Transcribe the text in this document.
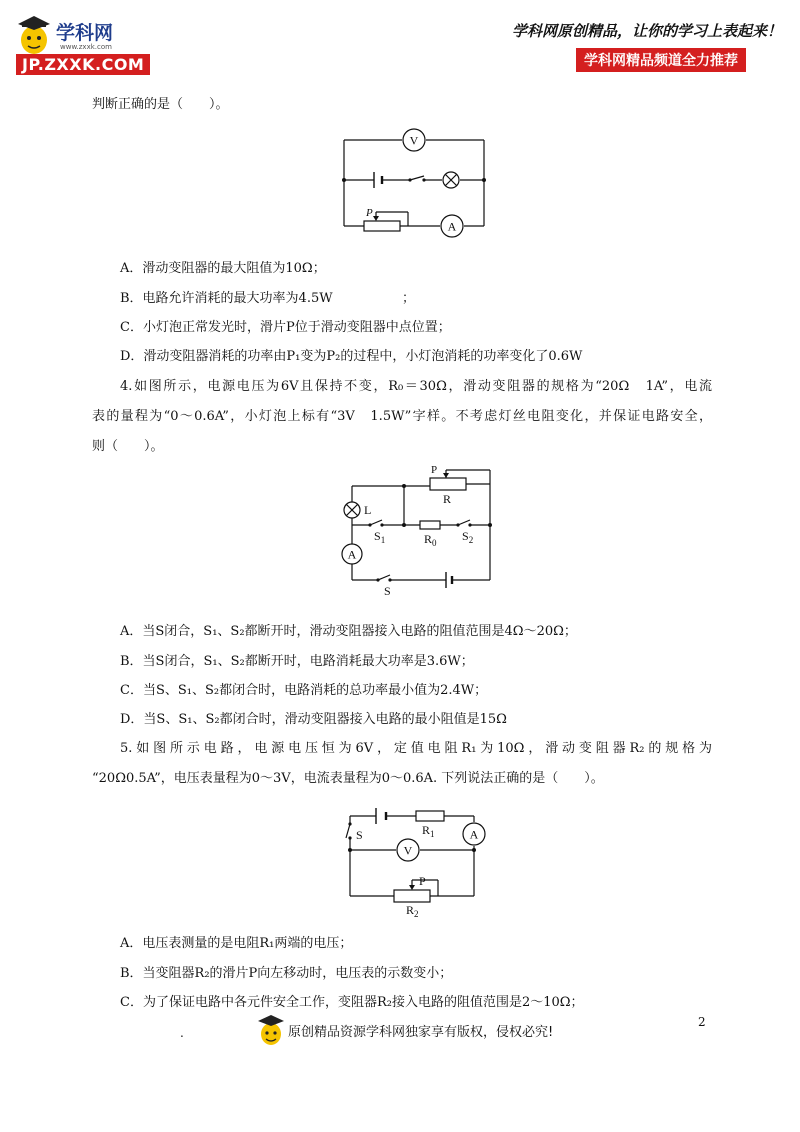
学科网
www.zxxk.com
JP.ZXXK.COM
学科网原创精品，让你的学习上表起来！
学科网精品频道全力推荐
判断正确的是（　　）。
V
A
P
A．滑动变阻器的最大阻值为10Ω；
B．电路允许消耗的最大功率为4.5W	；
C．小灯泡正常发光时，滑片P位于滑动变阻器中点位置；
D．滑动变阻器消耗的功率由P₁变为P₂的过程中，小灯泡消耗的功率变化了0.6W
4.如图所示，电源电压为6V且保持不变，R₀＝30Ω，滑动变阻器的规格为“20Ω　1A”，电流
表的量程为“0～0.6A”，小灯泡上标有“3V　1.5W”字样。不考虑灯丝电阻变化，并保证电路安全，
则（　　）。
P
R
L
A
$S_1$	$R_0$ $S_2$
S
A．当S闭合，S₁、S₂都断开时，滑动变阻器接入电路的阻值范围是4Ω～20Ω；
B．当S闭合，S₁、S₂都断开时，电路消耗最大功率是3.6W；
C．当S、S₁、S₂都闭合时，电路消耗的总功率最小值为2.4W；
D．当S、S₁、S₂都闭合时，滑动变阻器接入电路的最小阻值是15Ω
5.如图所示电路，电源电压恒为6V，定值电阻R₁为10Ω，滑动变阻器R₂的规格为
“20Ω0.5A”，电压表量程为0～3V，电流表量程为0～0.6A. 下列说法正确的是（　　）。
$R_1$
S	A
V
P
$R_2$
A．电压表测量的是电阻R₁两端的电压；
B．当变阻器R₂的滑片P向左移动时，电压表的示数变小；
C．为了保证电路中各元件安全工作，变阻器R₂接入电路的阻值范围是2～10Ω；
2
.	原创精品资源学科网独家享有版权，侵权必究!
